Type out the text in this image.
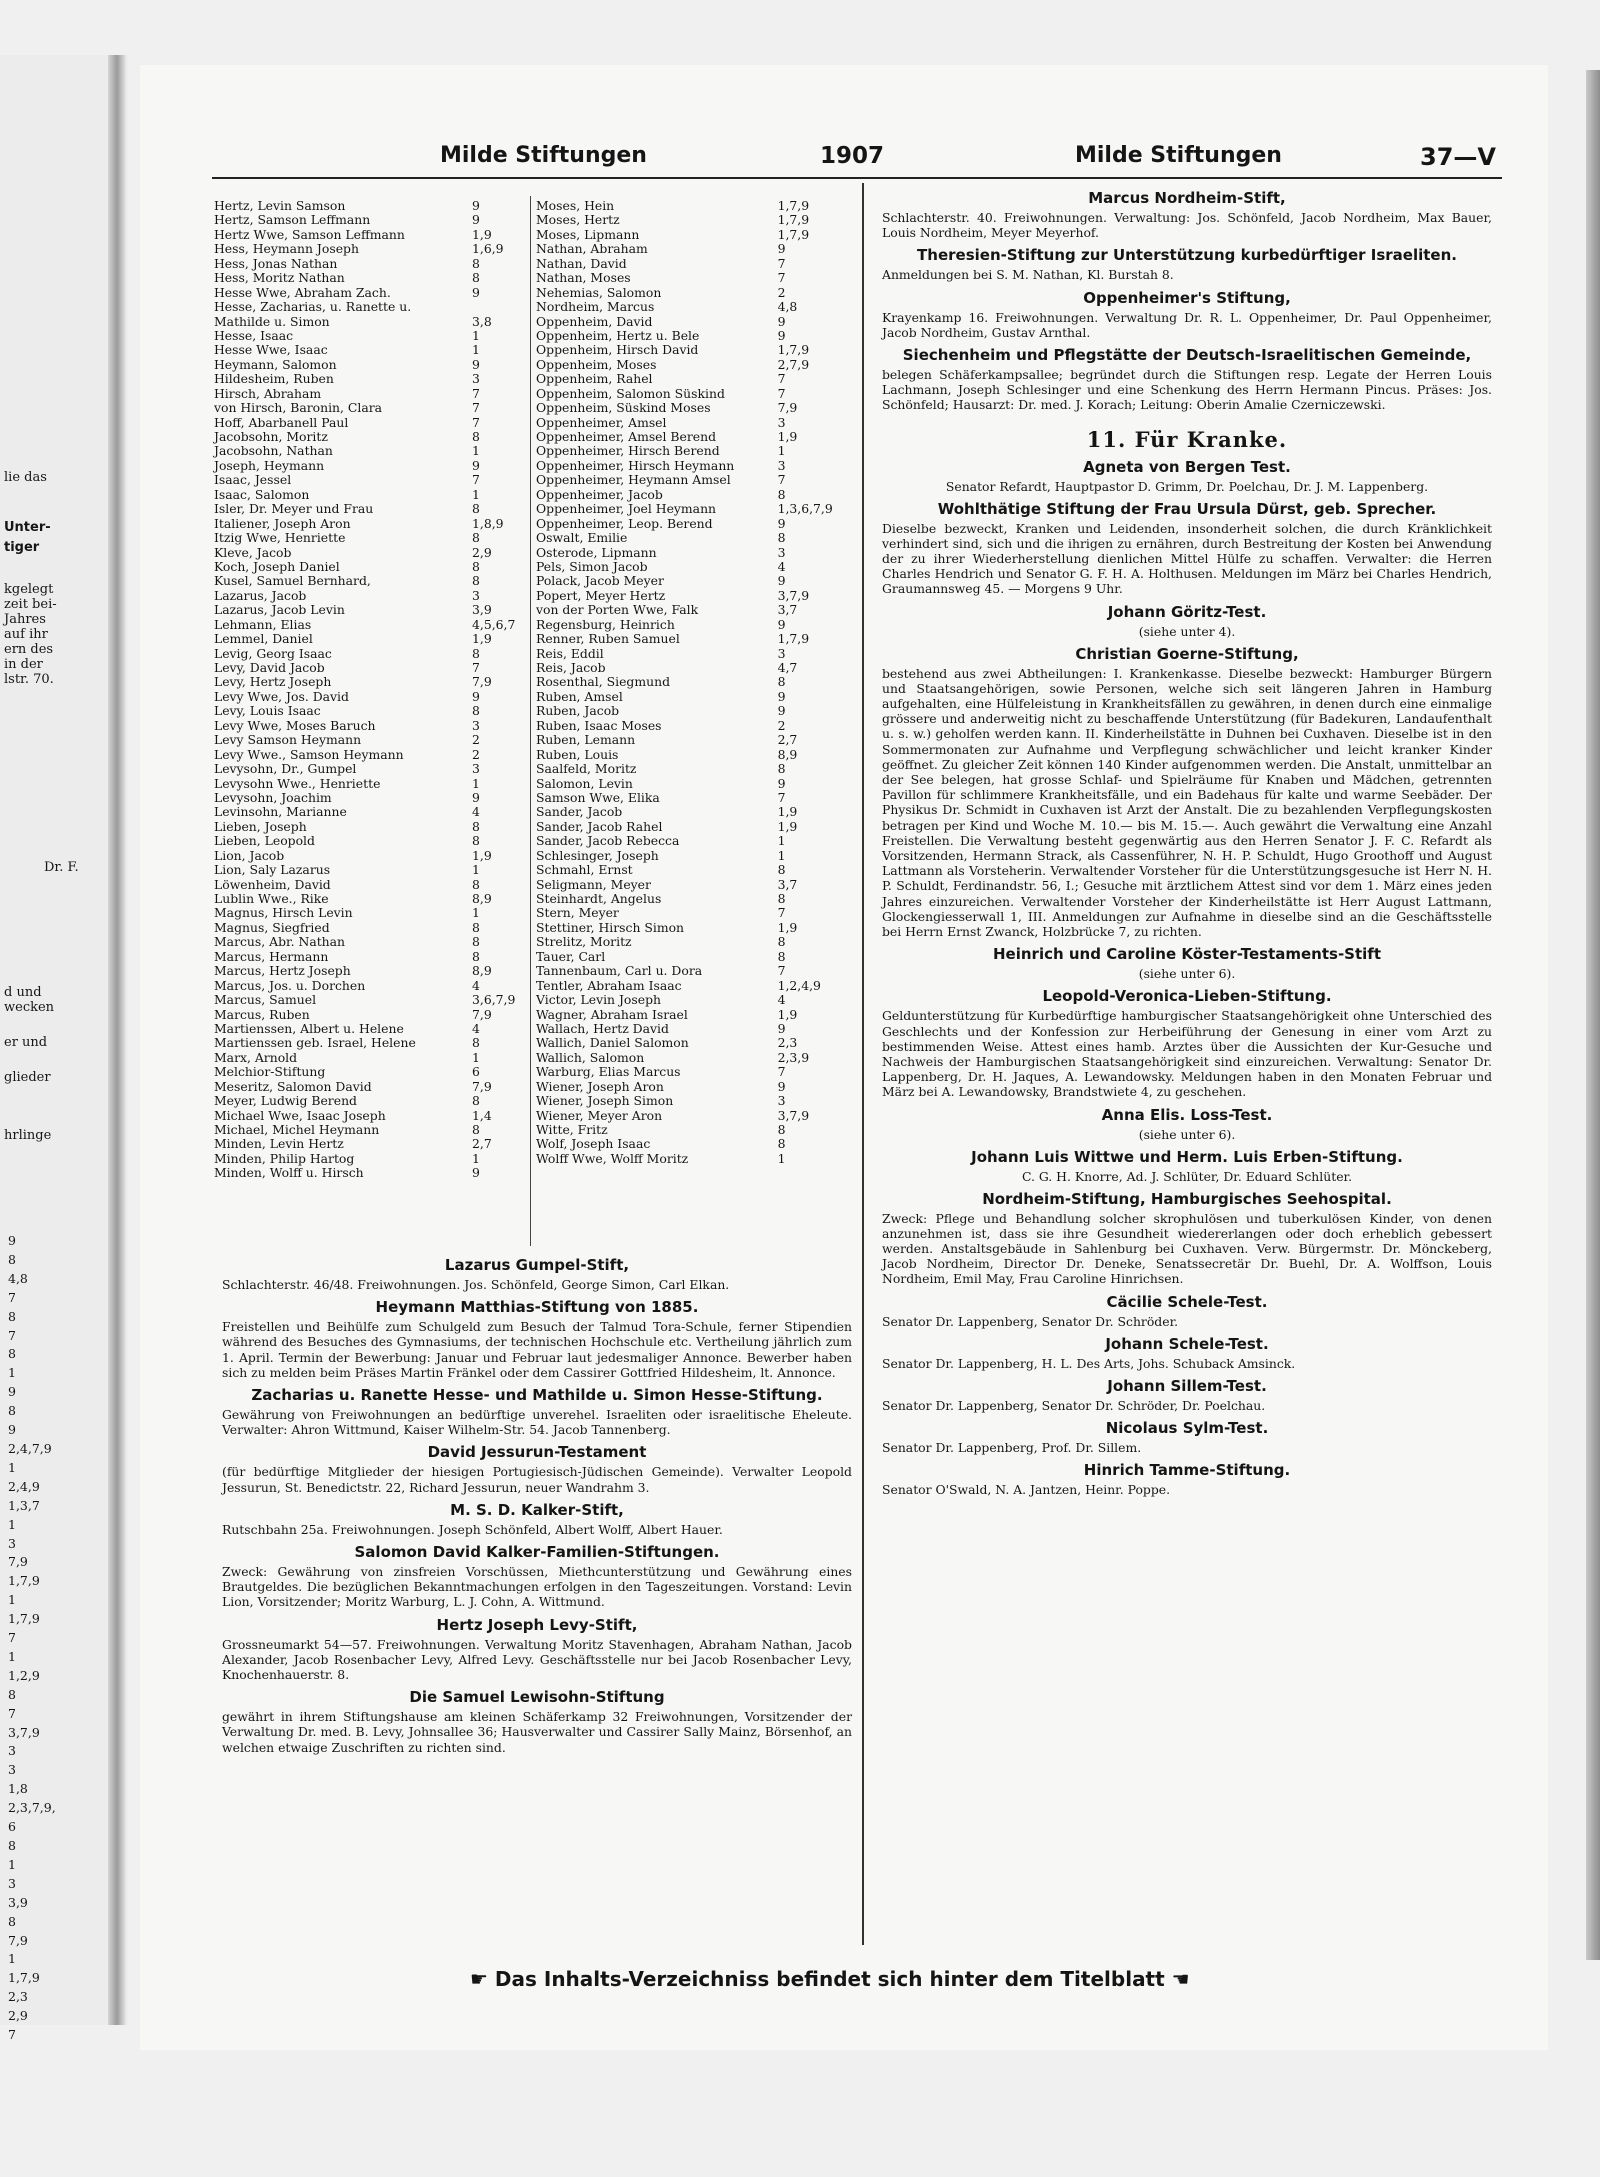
lie das
Unter-
tiger
kgelegt
zeit bei-
Jahres
auf ihr
ern des
in der
lstr. 70.
Dr. F.
d und
wecken
er und
glieder
hrlinge
9
8
4,8
7
8
7
8
1
9
8
9
2,4,7,9
1
2,4,9
1,3,7
1
3
7,9
1,7,9
1
1,7,9
7
1
1,2,9
8
7
3,7,9
3
3
1,8
2,3,7,9,
6
8
1
3
3,9
8
7,9
1
1,7,9
2,3
2,9
7
Milde Stiftungen	1907	Milde Stiftungen	37—V
Hertz, Levin Samson	9
Hertz, Samson Leffmann	9
Hertz Wwe, Samson Leffmann	1,9
Hess, Heymann Joseph	1,6,9
Hess, Jonas Nathan	8
Hess, Moritz Nathan	8
Hesse Wwe, Abraham Zach.	9
Hesse, Zacharias, u. Ranette u.
Mathilde u. Simon	3,8
Hesse, Isaac	1
Hesse Wwe, Isaac	1
Heymann, Salomon	9
Hildesheim, Ruben	3
Hirsch, Abraham	7
von Hirsch, Baronin, Clara	7
Hoff, Abarbanell Paul	7
Jacobsohn, Moritz	8
Jacobsohn, Nathan	1
Joseph, Heymann	9
Isaac, Jessel	7
Isaac, Salomon	1
Isler, Dr. Meyer und Frau	8
Italiener, Joseph Aron	1,8,9
Itzig Wwe, Henriette	8
Kleve, Jacob	2,9
Koch, Joseph Daniel	8
Kusel, Samuel Bernhard,	8
Lazarus, Jacob	3
Lazarus, Jacob Levin	3,9
Lehmann, Elias	4,5,6,7
Lemmel, Daniel	1,9
Levig, Georg Isaac	8
Levy, David Jacob	7
Levy, Hertz Joseph	7,9
Levy Wwe, Jos. David	9
Levy, Louis Isaac	8
Levy Wwe, Moses Baruch	3
Levy Samson Heymann	2
Levy Wwe., Samson Heymann	2
Levysohn, Dr., Gumpel	3
Levysohn Wwe., Henriette	1
Levysohn, Joachim	9
Levinsohn, Marianne	4
Lieben, Joseph	8
Lieben, Leopold	8
Lion, Jacob	1,9
Lion, Saly Lazarus	1
Löwenheim, David	8
Lublin Wwe., Rike	8,9
Magnus, Hirsch Levin	1
Magnus, Siegfried	8
Marcus, Abr. Nathan	8
Marcus, Hermann	8
Marcus, Hertz Joseph	8,9
Marcus, Jos. u. Dorchen	4
Marcus, Samuel	3,6,7,9
Marcus, Ruben	7,9
Martienssen, Albert u. Helene	4
Martienssen geb. Israel, Helene	8
Marx, Arnold	1
Melchior-Stiftung	6
Meseritz, Salomon David	7,9
Meyer, Ludwig Berend	8
Michael Wwe, Isaac Joseph	1,4
Michael, Michel Heymann	8
Minden, Levin Hertz	2,7
Minden, Philip Hartog	1
Minden, Wolff u. Hirsch	9
Moses, Hein	1,7,9
Moses, Hertz	1,7,9
Moses, Lipmann	1,7,9
Nathan, Abraham	9
Nathan, David	7
Nathan, Moses	7
Nehemias, Salomon	2
Nordheim, Marcus	4,8
Oppenheim, David	9
Oppenheim, Hertz u. Bele	9
Oppenheim, Hirsch David	1,7,9
Oppenheim, Moses	2,7,9
Oppenheim, Rahel	7
Oppenheim, Salomon Süskind	7
Oppenheim, Süskind Moses	7,9
Oppenheimer, Amsel	3
Oppenheimer, Amsel Berend	1,9
Oppenheimer, Hirsch Berend	1
Oppenheimer, Hirsch Heymann	3
Oppenheimer, Heymann Amsel	7
Oppenheimer, Jacob	8
Oppenheimer, Joel Heymann	1,3,6,7,9
Oppenheimer, Leop. Berend	9
Oswalt, Emilie	8
Osterode, Lipmann	3
Pels, Simon Jacob	4
Polack, Jacob Meyer	9
Popert, Meyer Hertz	3,7,9
von der Porten Wwe, Falk	3,7
Regensburg, Heinrich	9
Renner, Ruben Samuel	1,7,9
Reis, Eddil	3
Reis, Jacob	4,7
Rosenthal, Siegmund	8
Ruben, Amsel	9
Ruben, Jacob	9
Ruben, Isaac Moses	2
Ruben, Lemann	2,7
Ruben, Louis	8,9
Saalfeld, Moritz	8
Salomon, Levin	9
Samson Wwe, Elika	7
Sander, Jacob	1,9
Sander, Jacob Rahel	1,9
Sander, Jacob Rebecca	1
Schlesinger, Joseph	1
Schmahl, Ernst	8
Seligmann, Meyer	3,7
Steinhardt, Angelus	8
Stern, Meyer	7
Stettiner, Hirsch Simon	1,9
Strelitz, Moritz	8
Tauer, Carl	8
Tannenbaum, Carl u. Dora	7
Tentler, Abraham Isaac	1,2,4,9
Victor, Levin Joseph	4
Wagner, Abraham Israel	1,9
Wallach, Hertz David	9
Wallich, Daniel Salomon	2,3
Wallich, Salomon	2,3,9
Warburg, Elias Marcus	7
Wiener, Joseph Aron	9
Wiener, Joseph Simon	3
Wiener, Meyer Aron	3,7,9
Witte, Fritz	8
Wolf, Joseph Isaac	8
Wolff Wwe, Wolff Moritz	1
Lazarus Gumpel-Stift,
Schlachterstr. 46/48. Freiwohnungen. Jos. Schönfeld, George Simon, Carl Elkan.
Heymann Matthias-Stiftung von 1885.
Freistellen und Beihülfe zum Schulgeld zum Besuch der Talmud Tora-Schule, ferner Stipendien während des Besuches des Gymnasiums, der technischen Hochschule etc. Vertheilung jährlich zum 1. April. Termin der Bewerbung: Januar und Februar laut jedesmaliger Annonce. Bewerber haben sich zu melden beim Präses Martin Fränkel oder dem Cassirer Gottfried Hildesheim, lt. Annonce.
Zacharias u. Ranette Hesse- und Mathilde u. Simon Hesse-Stiftung.
Gewährung von Freiwohnungen an bedürftige unverehel. Israeliten oder israelitische Eheleute. Verwalter: Ahron Wittmund, Kaiser Wilhelm-Str. 54. Jacob Tannenberg.
David Jessurun-Testament
(für bedürftige Mitglieder der hiesigen Portugiesisch-Jüdischen Gemeinde). Verwalter Leopold Jessurun, St. Benedictstr. 22, Richard Jessurun, neuer Wandrahm 3.
M. S. D. Kalker-Stift,
Rutschbahn 25a. Freiwohnungen. Joseph Schönfeld, Albert Wolff, Albert Hauer.
Salomon David Kalker-Familien-Stiftungen.
Zweck: Gewährung von zinsfreien Vorschüssen, Miethcunterstützung und Gewährung eines Brautgeldes. Die bezüglichen Bekanntmachungen erfolgen in den Tageszeitungen. Vorstand: Levin Lion, Vorsitzender; Moritz Warburg, L. J. Cohn, A. Wittmund.
Hertz Joseph Levy-Stift,
Grossneumarkt 54—57. Freiwohnungen. Verwaltung Moritz Stavenhagen, Abraham Nathan, Jacob Alexander, Jacob Rosenbacher Levy, Alfred Levy. Geschäftsstelle nur bei Jacob Rosenbacher Levy, Knochenhauerstr. 8.
Die Samuel Lewisohn-Stiftung
gewährt in ihrem Stiftungshause am kleinen Schäferkamp 32 Freiwohnungen, Vorsitzender der Verwaltung Dr. med. B. Levy, Johnsallee 36; Hausverwalter und Cassirer Sally Mainz, Börsenhof, an welchen etwaige Zuschriften zu richten sind.
Marcus Nordheim-Stift,
Schlachterstr. 40. Freiwohnungen. Verwaltung: Jos. Schönfeld, Jacob Nordheim, Max Bauer, Louis Nordheim, Meyer Meyerhof.
Theresien-Stiftung zur Unterstützung kurbedürftiger Israeliten.
Anmeldungen bei S. M. Nathan, Kl. Burstah 8.
Oppenheimer's Stiftung,
Krayenkamp 16. Freiwohnungen. Verwaltung Dr. R. L. Oppenheimer, Dr. Paul Oppenheimer, Jacob Nordheim, Gustav Arnthal.
Siechenheim und Pflegstätte der Deutsch-Israelitischen Gemeinde,
belegen Schäferkampsallee; begründet durch die Stiftungen resp. Legate der Herren Louis Lachmann, Joseph Schlesinger und eine Schenkung des Herrn Hermann Pincus. Präses: Jos. Schönfeld; Hausarzt: Dr. med. J. Korach; Leitung: Oberin Amalie Czerniczewski.
11. Für Kranke.
Agneta von Bergen Test.
Senator Refardt, Hauptpastor D. Grimm, Dr. Poelchau, Dr. J. M. Lappenberg.
Wohlthätige Stiftung der Frau Ursula Dürst, geb. Sprecher.
Dieselbe bezweckt, Kranken und Leidenden, insonderheit solchen, die durch Kränklichkeit verhindert sind, sich und die ihrigen zu ernähren, durch Bestreitung der Kosten bei Anwendung der zu ihrer Wiederherstellung dienlichen Mittel Hülfe zu schaffen. Verwalter: die Herren Charles Hendrich und Senator G. F. H. A. Holthusen. Meldungen im März bei Charles Hendrich, Graumannsweg 45. — Morgens 9 Uhr.
Johann Göritz-Test.
(siehe unter 4).
Christian Goerne-Stiftung,
bestehend aus zwei Abtheilungen: I. Krankenkasse. Dieselbe bezweckt: Hamburger Bürgern und Staatsangehörigen, sowie Personen, welche sich seit längeren Jahren in Hamburg aufgehalten, eine Hülfeleistung in Krankheitsfällen zu gewähren, in denen durch eine einmalige grössere und anderweitig nicht zu beschaffende Unterstützung (für Badekuren, Landaufenthalt u. s. w.) geholfen werden kann. II. Kinderheilstätte in Duhnen bei Cuxhaven. Dieselbe ist in den Sommermonaten zur Aufnahme und Verpflegung schwächlicher und leicht kranker Kinder geöffnet. Zu gleicher Zeit können 140 Kinder aufgenommen werden. Die Anstalt, unmittelbar an der See belegen, hat grosse Schlaf- und Spielräume für Knaben und Mädchen, getrennten Pavillon für schlimmere Krankheitsfälle, und ein Badehaus für kalte und warme Seebäder. Der Physikus Dr. Schmidt in Cuxhaven ist Arzt der Anstalt. Die zu bezahlenden Verpflegungskosten betragen per Kind und Woche M. 10.— bis M. 15.—. Auch gewährt die Verwaltung eine Anzahl Freistellen. Die Verwaltung besteht gegenwärtig aus den Herren Senator J. F. C. Refardt als Vorsitzenden, Hermann Strack, als Cassenführer, N. H. P. Schuldt, Hugo Groothoff und August Lattmann als Vorsteherin. Verwaltender Vorsteher für die Unterstützungsgesuche ist Herr N. H. P. Schuldt, Ferdinandstr. 56, I.; Gesuche mit ärztlichem Attest sind vor dem 1. März eines jeden Jahres einzureichen. Verwaltender Vorsteher der Kinderheilstätte ist Herr August Lattmann, Glockengiesserwall 1, III. Anmeldungen zur Aufnahme in dieselbe sind an die Geschäftsstelle bei Herrn Ernst Zwanck, Holzbrücke 7, zu richten.
Heinrich und Caroline Köster-Testaments-Stift
(siehe unter 6).
Leopold-Veronica-Lieben-Stiftung.
Geldunterstützung für Kurbedürftige hamburgischer Staatsangehörigkeit ohne Unterschied des Geschlechts und der Konfession zur Herbeiführung der Genesung in einer vom Arzt zu bestimmenden Weise. Attest eines hamb. Arztes über die Aussichten der Kur-Gesuche und Nachweis der Hamburgischen Staatsangehörigkeit sind einzureichen. Verwaltung: Senator Dr. Lappenberg, Dr. H. Jaques, A. Lewandowsky. Meldungen haben in den Monaten Februar und März bei A. Lewandowsky, Brandstwiete 4, zu geschehen.
Anna Elis. Loss-Test.
(siehe unter 6).
Johann Luis Wittwe und Herm. Luis Erben-Stiftung.
C. G. H. Knorre, Ad. J. Schlüter, Dr. Eduard Schlüter.
Nordheim-Stiftung, Hamburgisches Seehospital.
Zweck: Pflege und Behandlung solcher skrophulösen und tuberkulösen Kinder, von denen anzunehmen ist, dass sie ihre Gesundheit wiedererlangen oder doch erheblich gebessert werden. Anstaltsgebäude in Sahlenburg bei Cuxhaven. Verw. Bürgermstr. Dr. Mönckeberg, Jacob Nordheim, Director Dr. Deneke, Senatssecretär Dr. Buehl, Dr. A. Wolffson, Louis Nordheim, Emil May, Frau Caroline Hinrichsen.
Cäcilie Schele-Test.
Senator Dr. Lappenberg, Senator Dr. Schröder.
Johann Schele-Test.
Senator Dr. Lappenberg, H. L. Des Arts, Johs. Schuback Amsinck.
Johann Sillem-Test.
Senator Dr. Lappenberg, Senator Dr. Schröder, Dr. Poelchau.
Nicolaus Sylm-Test.
Senator Dr. Lappenberg, Prof. Dr. Sillem.
Hinrich Tamme-Stiftung.
Senator O'Swald, N. A. Jantzen, Heinr. Poppe.
☛ Das Inhalts-Verzeichniss befindet sich hinter dem Titelblatt ☚
